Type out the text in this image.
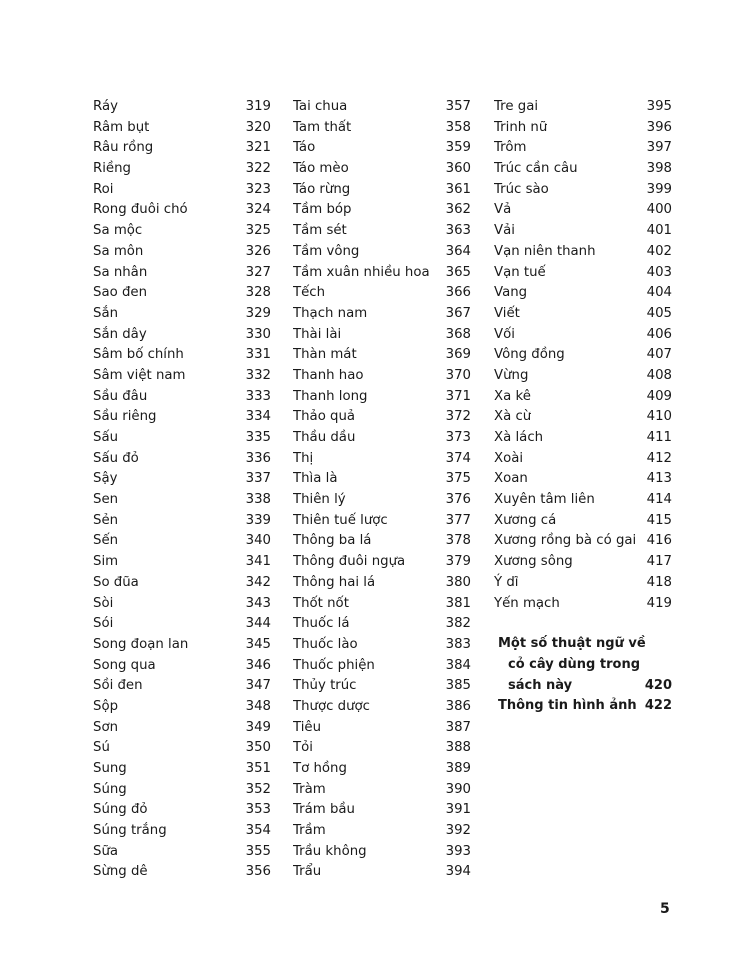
Ráy	319
Râm bụt	320
Râu rồng	321
Riềng	322
Roi	323
Rong đuôi chó	324
Sa mộc	325
Sa môn	326
Sa nhân	327
Sao đen	328
Sắn	329
Sắn dây	330
Sâm bố chính	331
Sâm việt nam	332
Sầu đâu	333
Sầu riêng	334
Sấu	335
Sấu đỏ	336
Sậy	337
Sen	338
Sẻn	339
Sến	340
Sim	341
So đũa	342
Sòi	343
Sói	344
Song đoạn lan	345
Song qua	346
Sồi đen	347
Sộp	348
Sơn	349
Sú	350
Sung	351
Súng	352
Súng đỏ	353
Súng trắng	354
Sữa	355
Sừng dê	356
Tai chua	357
Tam thất	358
Táo	359
Táo mèo	360
Táo rừng	361
Tầm bóp	362
Tầm sét	363
Tầm vông	364
Tầm xuân nhiều hoa	365
Tếch	366
Thạch nam	367
Thài lài	368
Thàn mát	369
Thanh hao	370
Thanh long	371
Thảo quả	372
Thầu dầu	373
Thị	374
Thìa là	375
Thiên lý	376
Thiên tuế lược	377
Thông ba lá	378
Thông đuôi ngựa	379
Thông hai lá	380
Thốt nốt	381
Thuốc lá	382
Thuốc lào	383
Thuốc phiện	384
Thủy trúc	385
Thược dược	386
Tiêu	387
Tỏi	388
Tơ hồng	389
Tràm	390
Trám bầu	391
Trầm	392
Trầu không	393
Trẩu	394
Tre gai	395
Trinh nữ	396
Trôm	397
Trúc cần câu	398
Trúc sào	399
Vả	400
Vải	401
Vạn niên thanh	402
Vạn tuế	403
Vang	404
Viết	405
Vối	406
Vông đồng	407
Vừng	408
Xa kê	409
Xà cừ	410
Xà lách	411
Xoài	412
Xoan	413
Xuyên tâm liên	414
Xương cá	415
Xương rồng bà có gai 416
Xương sông	417
Ý dĩ	418
Yến mạch	419
Một số thuật ngữ về
cỏ cây dùng trong
sách này	420
Thông tin hình ảnh 422
5
